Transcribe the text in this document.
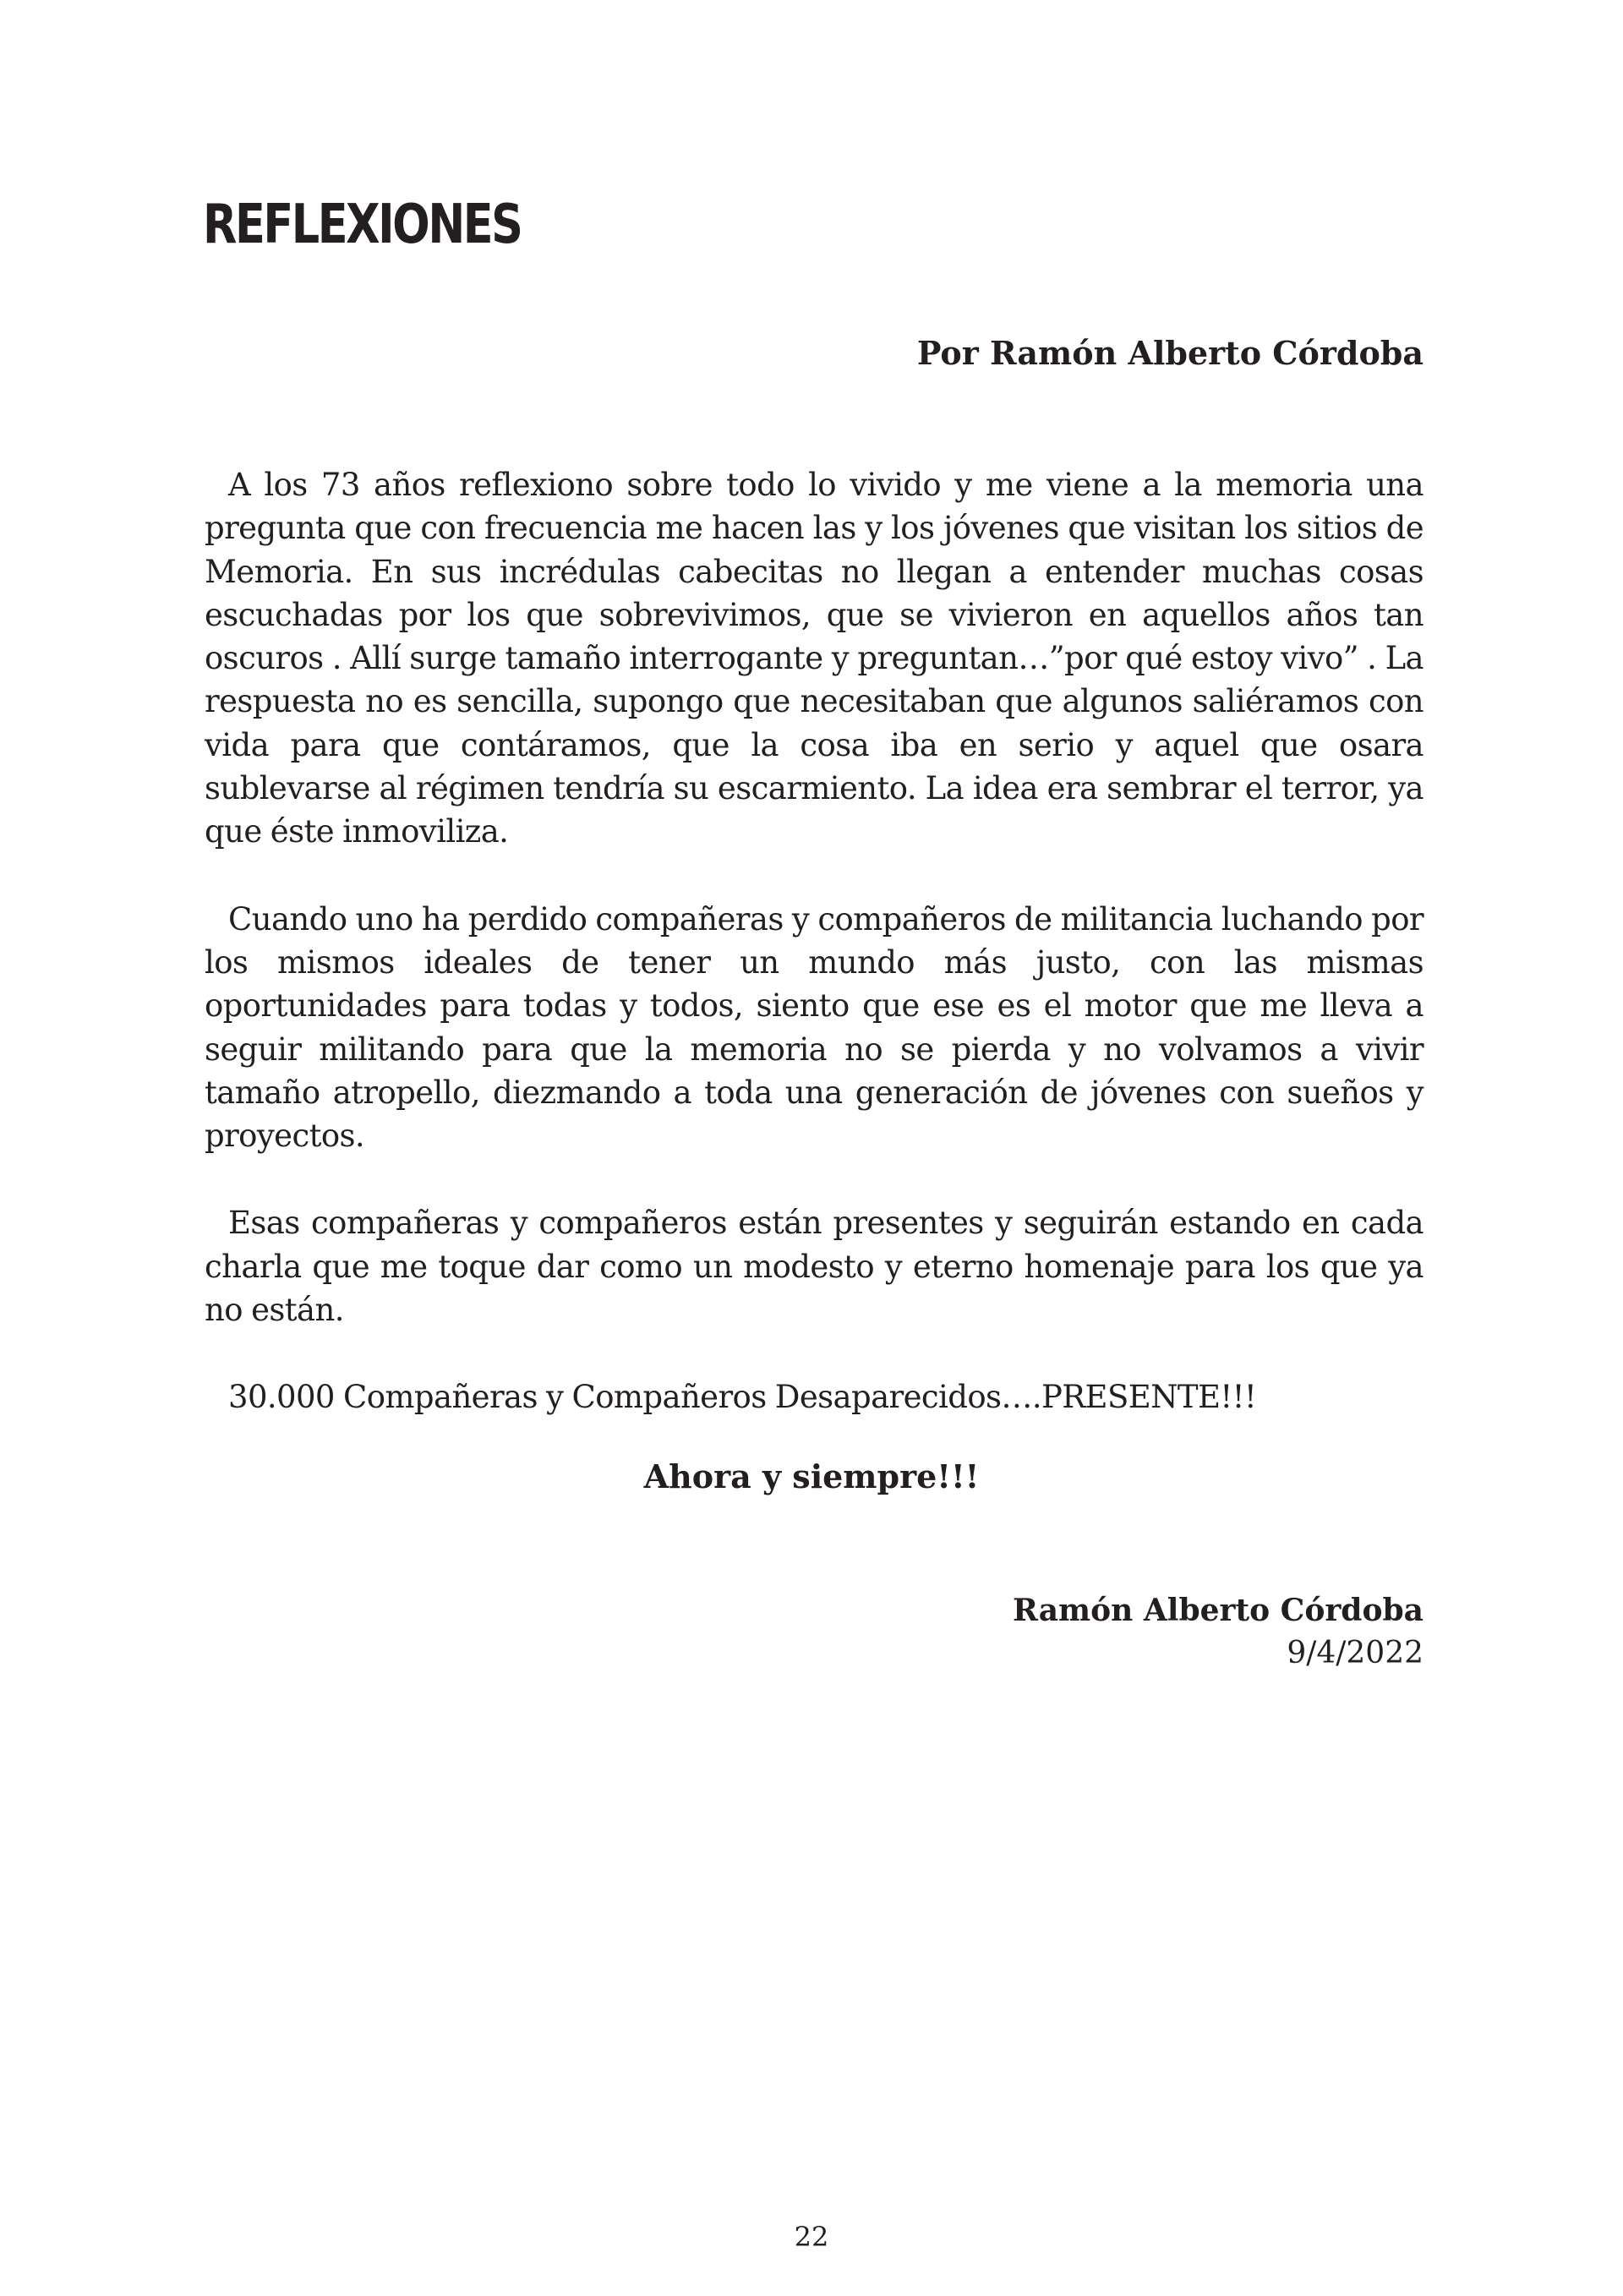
REFLEXIONES

Por Ramón Alberto Córdoba

A los 73 años reflexiono sobre todo lo vivido y me viene a la memoria una pregunta que con frecuencia me hacen las y los jóvenes que visitan los sitios de Memoria. En sus incrédulas cabecitas no llegan a entender muchas cosas escuchadas por los que sobrevivimos, que se vivieron en aquellos años tan oscuros . Allí surge tamaño interrogante y preguntan…”por qué estoy vivo” . La respuesta no es sencilla, supongo que necesitaban que algunos saliéramos con vida para que contáramos, que la cosa iba en serio y aquel que osara sublevarse al régimen tendría su escarmiento. La idea era sembrar el terror, ya que éste inmoviliza.

Cuando uno ha perdido compañeras y compañeros de militancia luchando por los mismos ideales de tener un mundo más justo, con las mismas oportunidades para todas y todos, siento que ese es el motor que me lleva a seguir militando para que la memoria no se pierda y no volvamos a vivir tamaño atropello, diezmando a toda una generación de jóvenes con sueños y proyectos.

Esas compañeras y compañeros están presentes y seguirán estando en cada charla que me toque dar como un modesto y eterno homenaje para los que ya no están.

30.000 Compañeras y Compañeros Desaparecidos….PRESENTE!!!

Ahora y siempre!!!

Ramón Alberto Córdoba

9/4/2022

22
